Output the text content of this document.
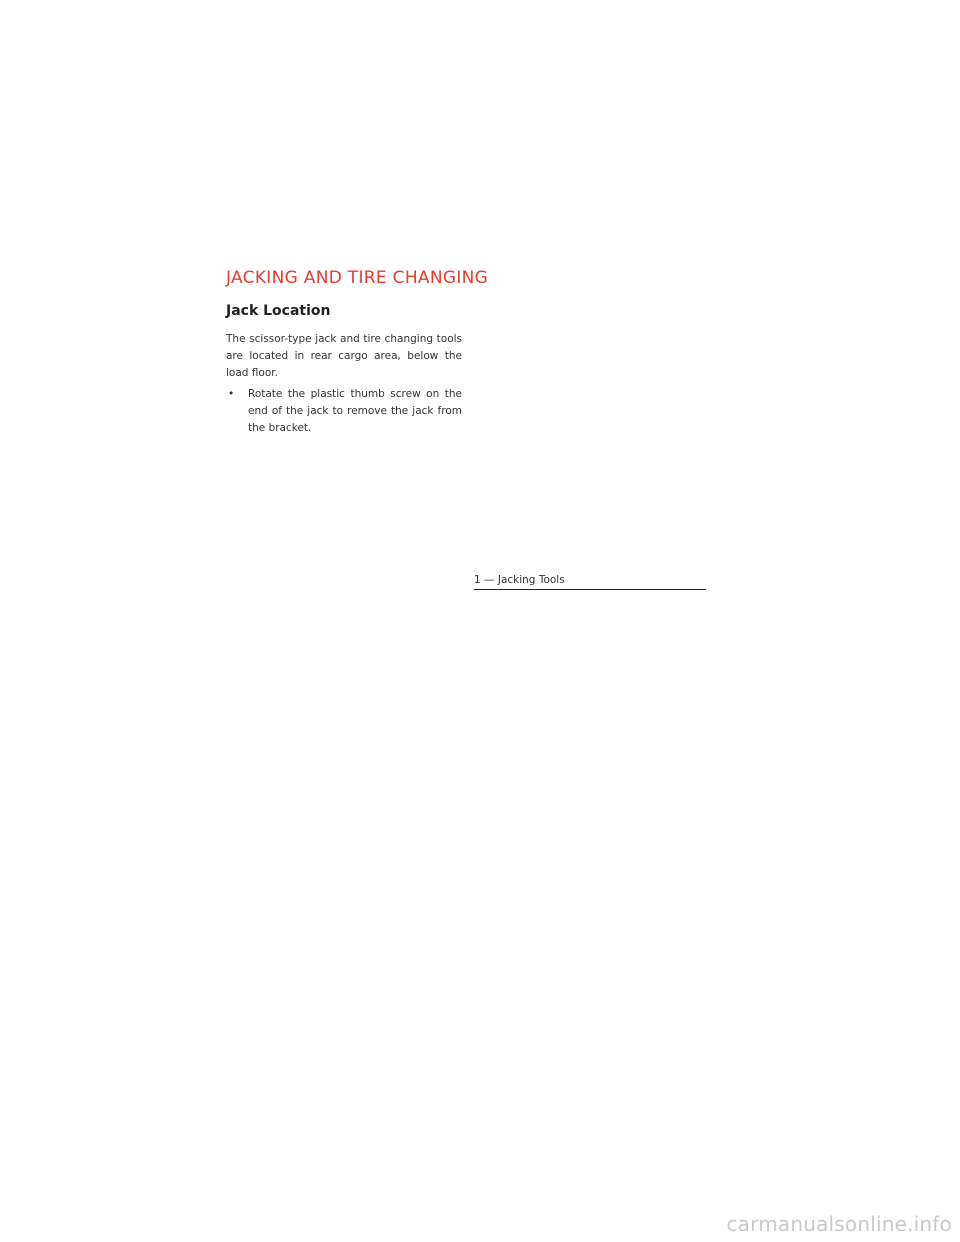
JACKING AND TIRE CHANGING
Jack Location

The scissor-type jack and tire changing tools are located in rear cargo area, below the load floor.

• Rotate the plastic thumb screw on the end of the jack to remove the jack from the bracket.
1 — Jacking Tools
carmanualsonline.info
